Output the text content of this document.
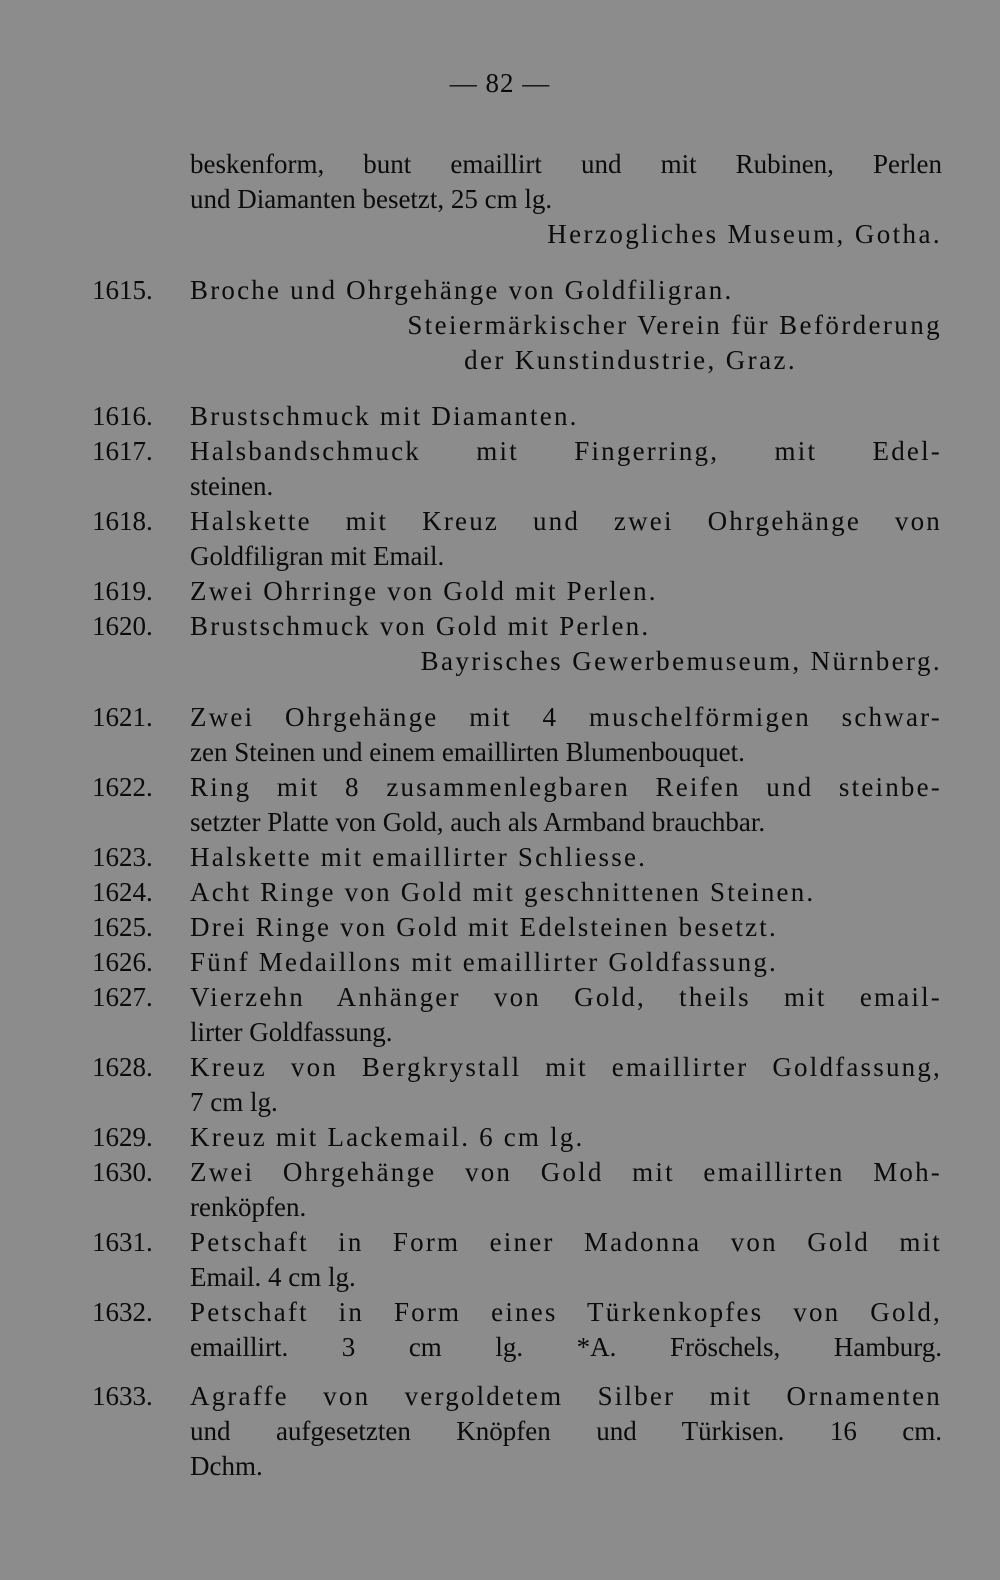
— 82 —
beskenform, bunt emaillirt und mit Rubinen, Perlen
und Diamanten besetzt, 25 cm lg.
Herzogliches Museum, Gotha.
1615.	Broche und Ohrgehänge von Goldfiligran.
Steiermärkischer Verein für Beförderung
der Kunstindustrie, Graz.
1616.	Brustschmuck mit Diamanten.
1617.	Halsbandschmuck mit Fingerring, mit Edel-
steinen.
1618.	Halskette mit Kreuz und zwei Ohrgehänge von
Goldfiligran mit Email.
1619.	Zwei Ohrringe von Gold mit Perlen.
1620.	Brustschmuck von Gold mit Perlen.
Bayrisches Gewerbemuseum, Nürnberg.
1621.	Zwei Ohrgehänge mit 4 muschelförmigen schwar-
zen Steinen und einem emaillirten Blumenbouquet.
1622.	Ring mit 8 zusammenlegbaren Reifen und steinbe-
setzter Platte von Gold, auch als Armband brauchbar.
1623.	Halskette mit emaillirter Schliesse.
1624.	Acht Ringe von Gold mit geschnittenen Steinen.
1625.	Drei Ringe von Gold mit Edelsteinen besetzt.
1626.	Fünf Medaillons mit emaillirter Goldfassung.
1627.	Vierzehn Anhänger von Gold, theils mit email-
lirter Goldfassung.
1628.	Kreuz von Bergkrystall mit emaillirter Goldfassung,
7 cm lg.
1629.	Kreuz mit Lackemail. 6 cm lg.
1630.	Zwei Ohrgehänge von Gold mit emaillirten Moh-
renköpfen.
1631.	Petschaft in Form einer Madonna von Gold mit
Email. 4 cm lg.
1632.	Petschaft in Form eines Türkenkopfes von Gold,
emaillirt. 3 cm lg. *A. Fröschels, Hamburg.
1633.	Agraffe von vergoldetem Silber mit Ornamenten
und aufgesetzten Knöpfen und Türkisen. 16 cm.
Dchm.
